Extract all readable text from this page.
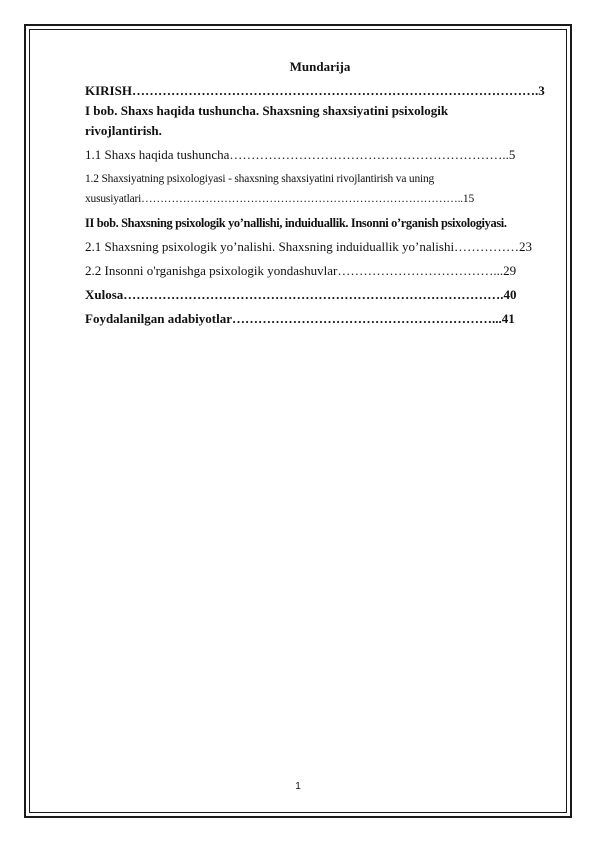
Mundarija
KIRISH………………………………………………………………………………….3
I bob. Shaxs haqida tushuncha. Shaxsning shaxsiyatini psixologik
rivojlantirish.
1.1 Shaxs haqida tushuncha………………………………………………………..5
1.2 Shaxsiyatning psixologiyasi - shaxsning shaxsiyatini rivojlantirish va uning
xususiyatlari…………………………………………………………………………..15
II bob. Shaxsning psixologik yo’nallishi, induiduallik. Insonni o’rganish psixologiyasi.
2.1 Shaxsning psixologik yo’nalishi. Shaxsning induiduallik yo’nalishi……………23
2.2 Insonni o'rganishga psixologik yondashuvlar………………………………...29
Xulosa…………………………………………………………………………….40
Foydalanilgan adabiyotlar……………………………………………………...41
1
